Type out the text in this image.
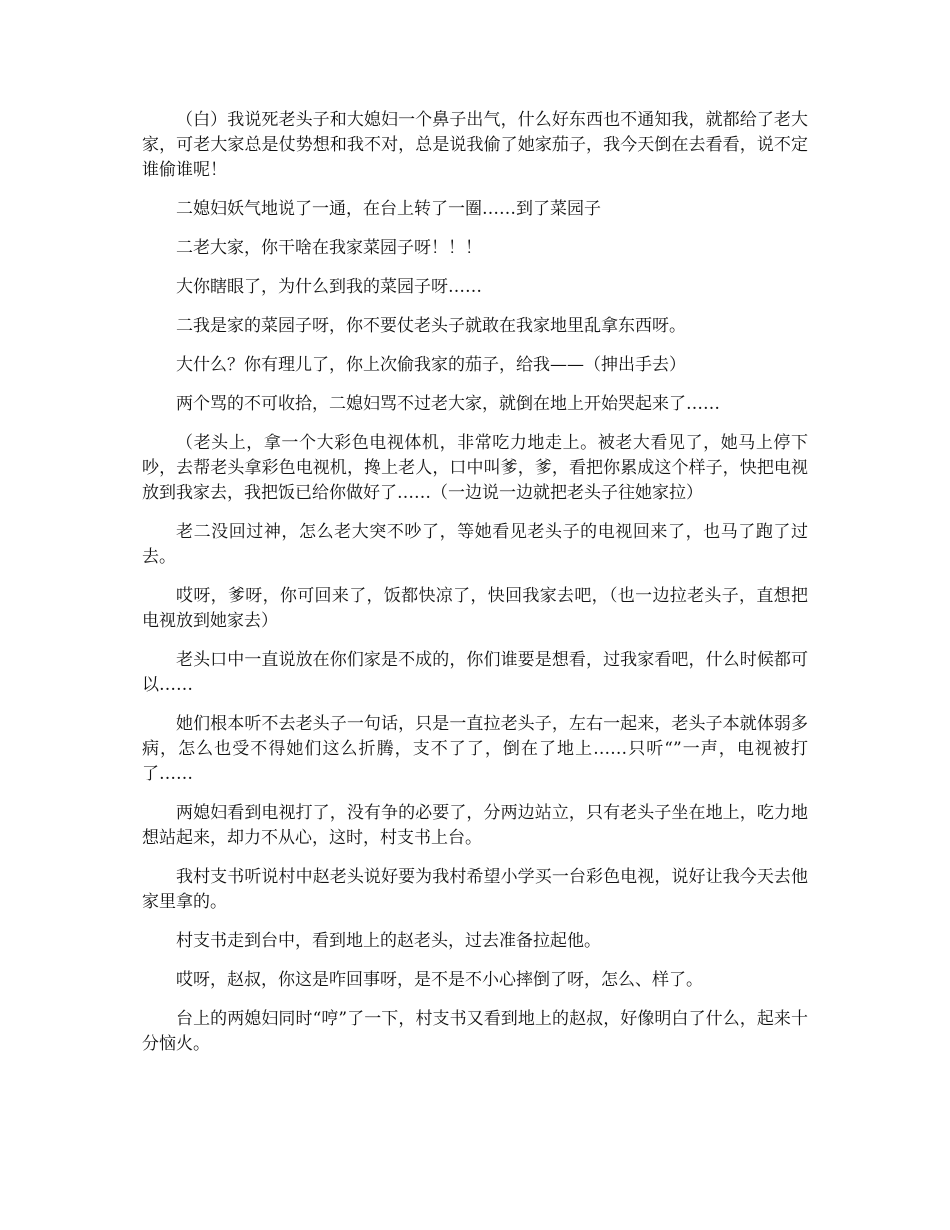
（白）我说死老头子和大媳妇一个鼻子出气，什么好东西也不通知我，就都给了老大家，可老大家总是仗势想和我不对，总是说我偷了她家茄子，我今天倒在去看看，说不定谁偷谁呢！

二媳妇妖气地说了一通，在台上转了一圈……到了菜园子

二老大家，你干啥在我家菜园子呀！！！

大你瞎眼了，为什么到我的菜园子呀……

二我是家的菜园子呀，你不要仗老头子就敢在我家地里乱拿东西呀。

大什么？你有理儿了，你上次偷我家的茄子，给我——（抻出手去）

两个骂的不可收拾，二媳妇骂不过老大家，就倒在地上开始哭起来了……

（老头上，拿一个大彩色电视体机，非常吃力地走上。被老大看见了，她马上停下吵，去帮老头拿彩色电视机，搀上老人，口中叫爹，爹，看把你累成这个样子，快把电视放到我家去，我把饭已给你做好了……（一边说一边就把老头子往她家拉）

老二没回过神，怎么老大突不吵了，等她看见老头子的电视回来了，也马了跑了过去。

哎呀，爹呀，你可回来了，饭都快凉了，快回我家去吧，（也一边拉老头子，直想把电视放到她家去）

老头口中一直说放在你们家是不成的，你们谁要是想看，过我家看吧，什么时候都可以……

她们根本听不去老头子一句话，只是一直拉老头子，左右一起来，老头子本就体弱多病，怎么也受不得她们这么折腾，支不了了，倒在了地上……只听“”一声，电视被打了……

两媳妇看到电视打了，没有争的必要了，分两边站立，只有老头子坐在地上，吃力地想站起来，却力不从心，这时，村支书上台。

我村支书听说村中赵老头说好要为我村希望小学买一台彩色电视，说好让我今天去他家里拿的。

村支书走到台中，看到地上的赵老头，过去准备拉起他。

哎呀，赵叔，你这是咋回事呀，是不是不小心摔倒了呀，怎么、样了。

台上的两媳妇同时“哼”了一下，村支书又看到地上的赵叔，好像明白了什么，起来十分恼火。
